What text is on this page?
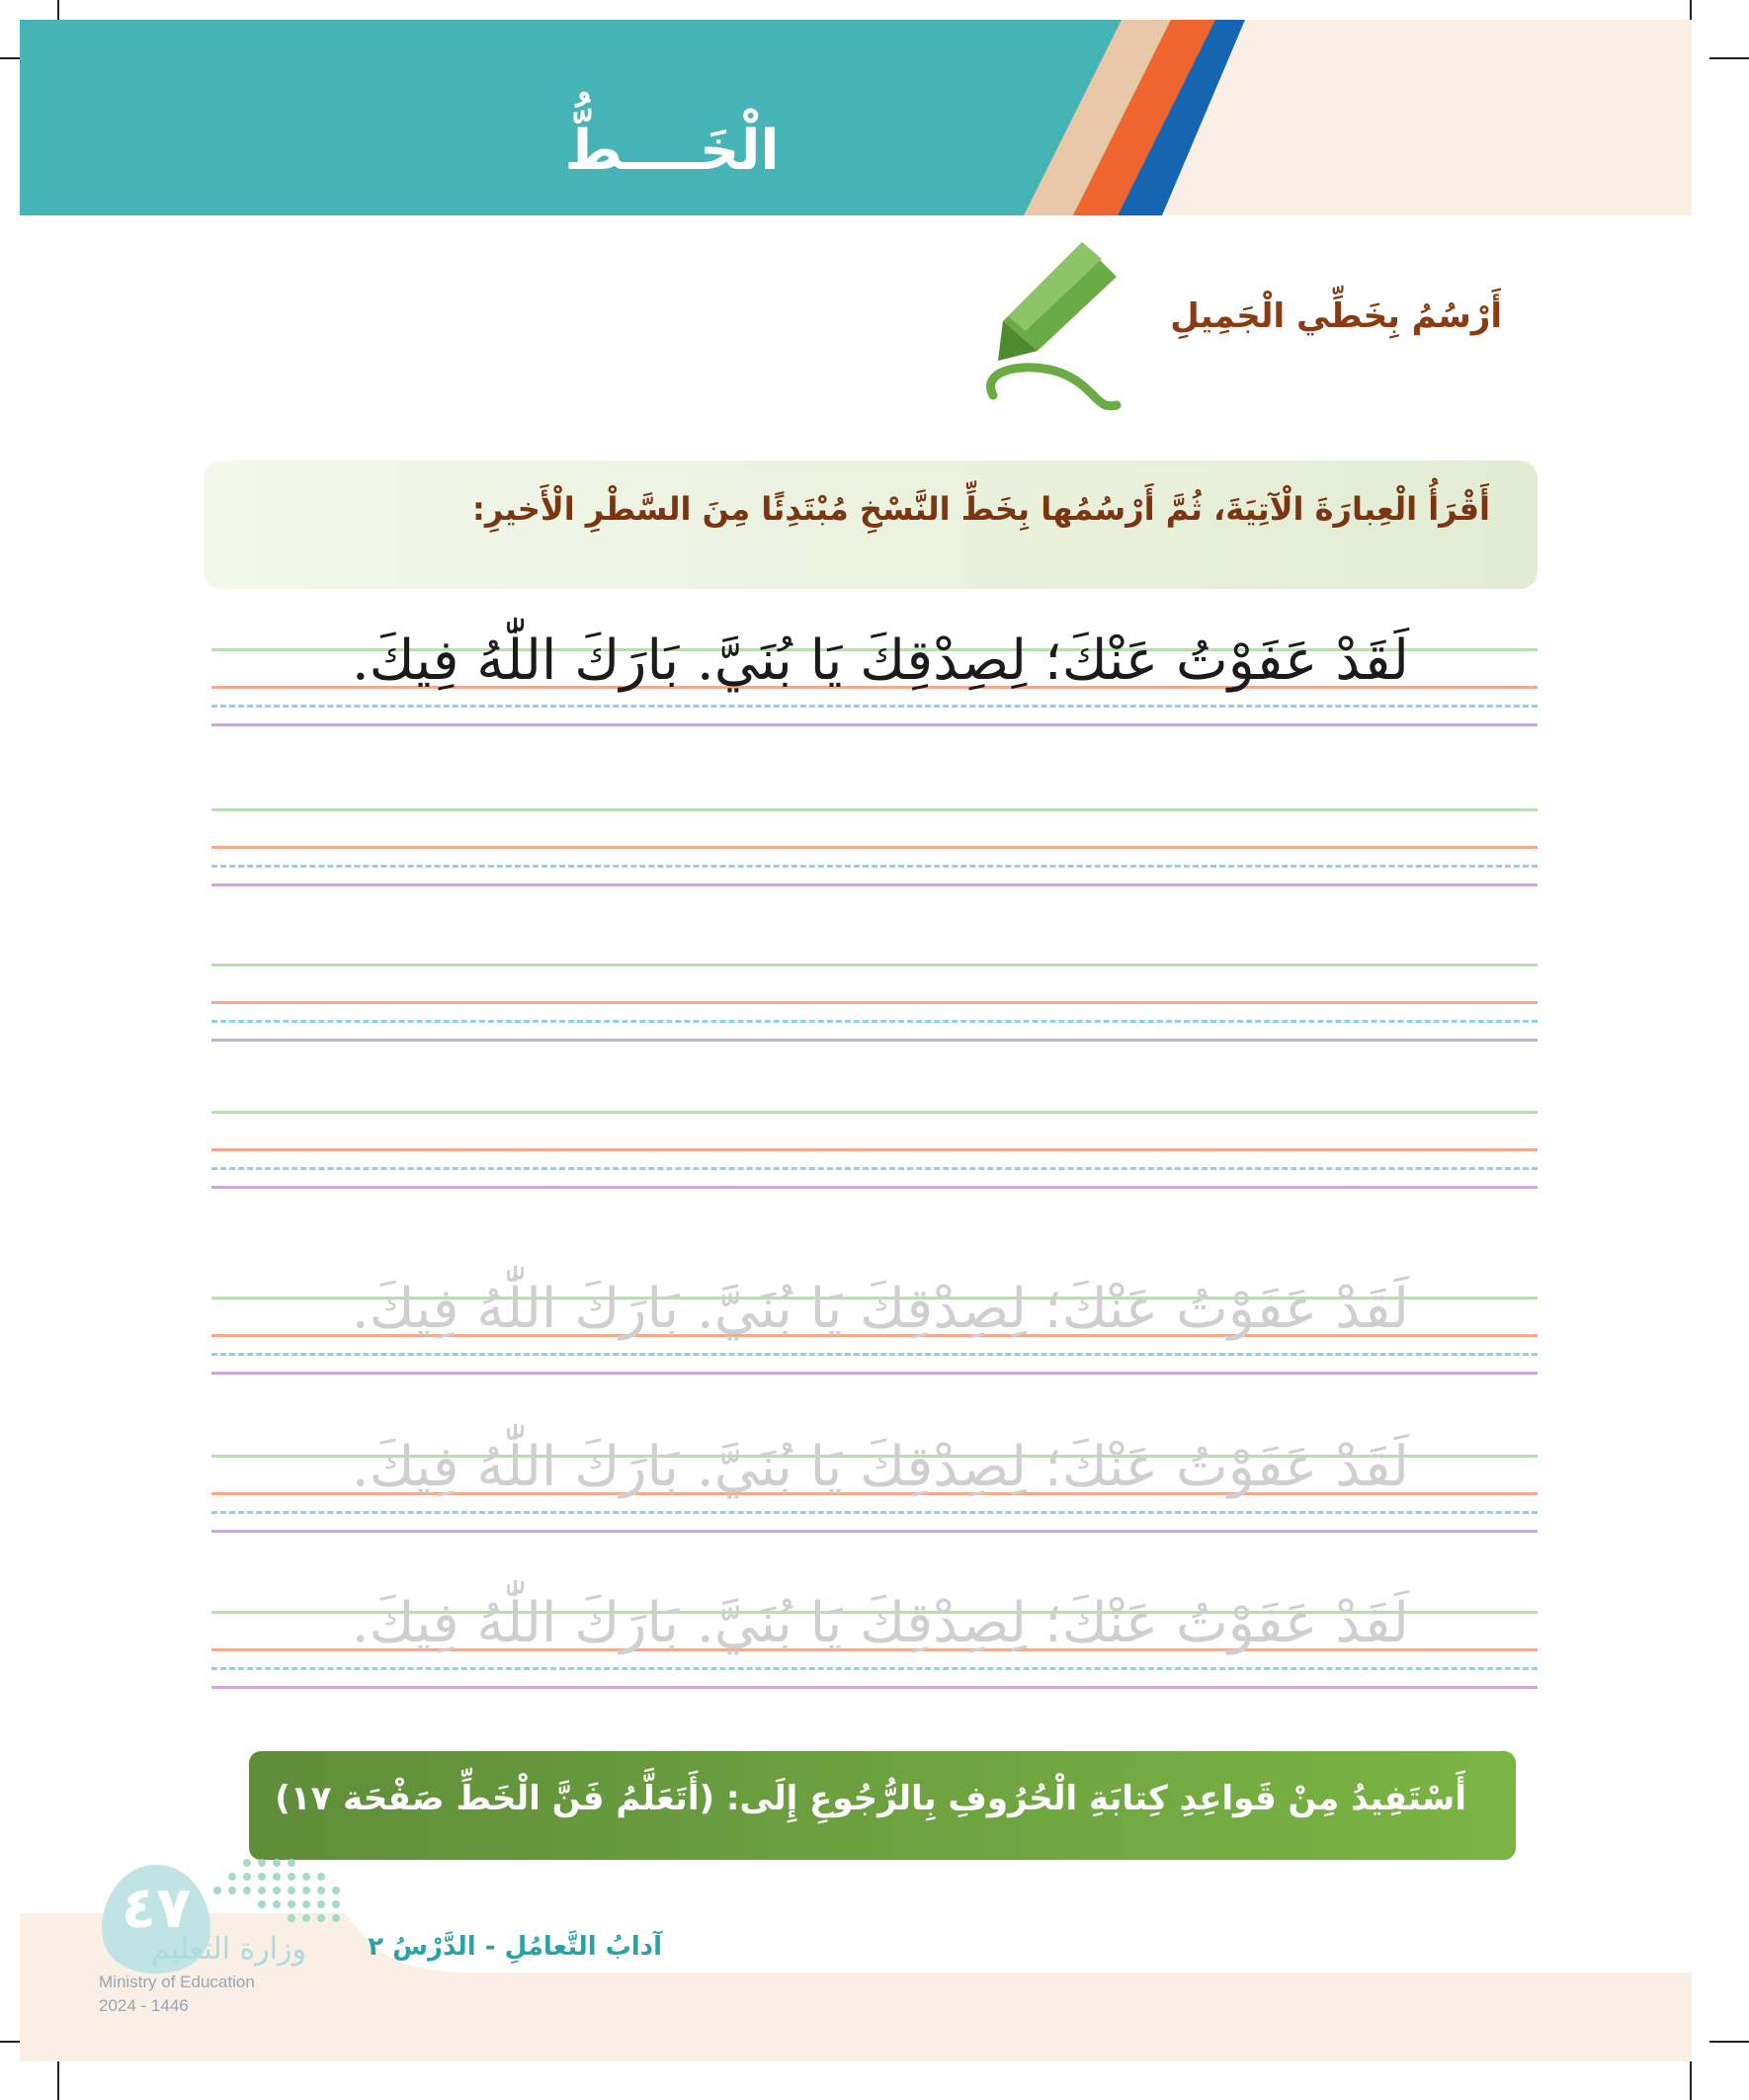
الْخَــــطُّ
أَرْسُمُ بِخَطِّي الْجَمِيلِ
أَقْرَأُ الْعِبارَةَ الْآتِيَةَ، ثُمَّ أَرْسُمُها بِخَطِّ النَّسْخِ مُبْتَدِئًا مِنَ السَّطْرِ الْأَخيرِ:
لَقَدْ عَفَوْتُ عَنْكَ؛ لِصِدْقِكَ يَا بُنَيَّ. بَارَكَ اللّٰهُ فِيكَ.
لَقَدْ عَفَوْتُ عَنْكَ؛ لِصِدْقِكَ يَا بُنَيَّ. بَارَكَ اللّٰهُ فِيكَ.
لَقَدْ عَفَوْتُ عَنْكَ؛ لِصِدْقِكَ يَا بُنَيَّ. بَارَكَ اللّٰهُ فِيكَ.
لَقَدْ عَفَوْتُ عَنْكَ؛ لِصِدْقِكَ يَا بُنَيَّ. بَارَكَ اللّٰهُ فِيكَ.
أَسْتَفِيدُ مِنْ قَواعِدِ كِتابَةِ الْحُرُوفِ بِالرُّجُوعِ إِلَى: (أَتَعَلَّمُ فَنَّ الْخَطِّ صَفْحَة ١٧)
آدابُ التَّعامُلِ - الدَّرْسُ ٢
٤٧
وزارة التعليم
Ministry of Education
2024 - 1446
